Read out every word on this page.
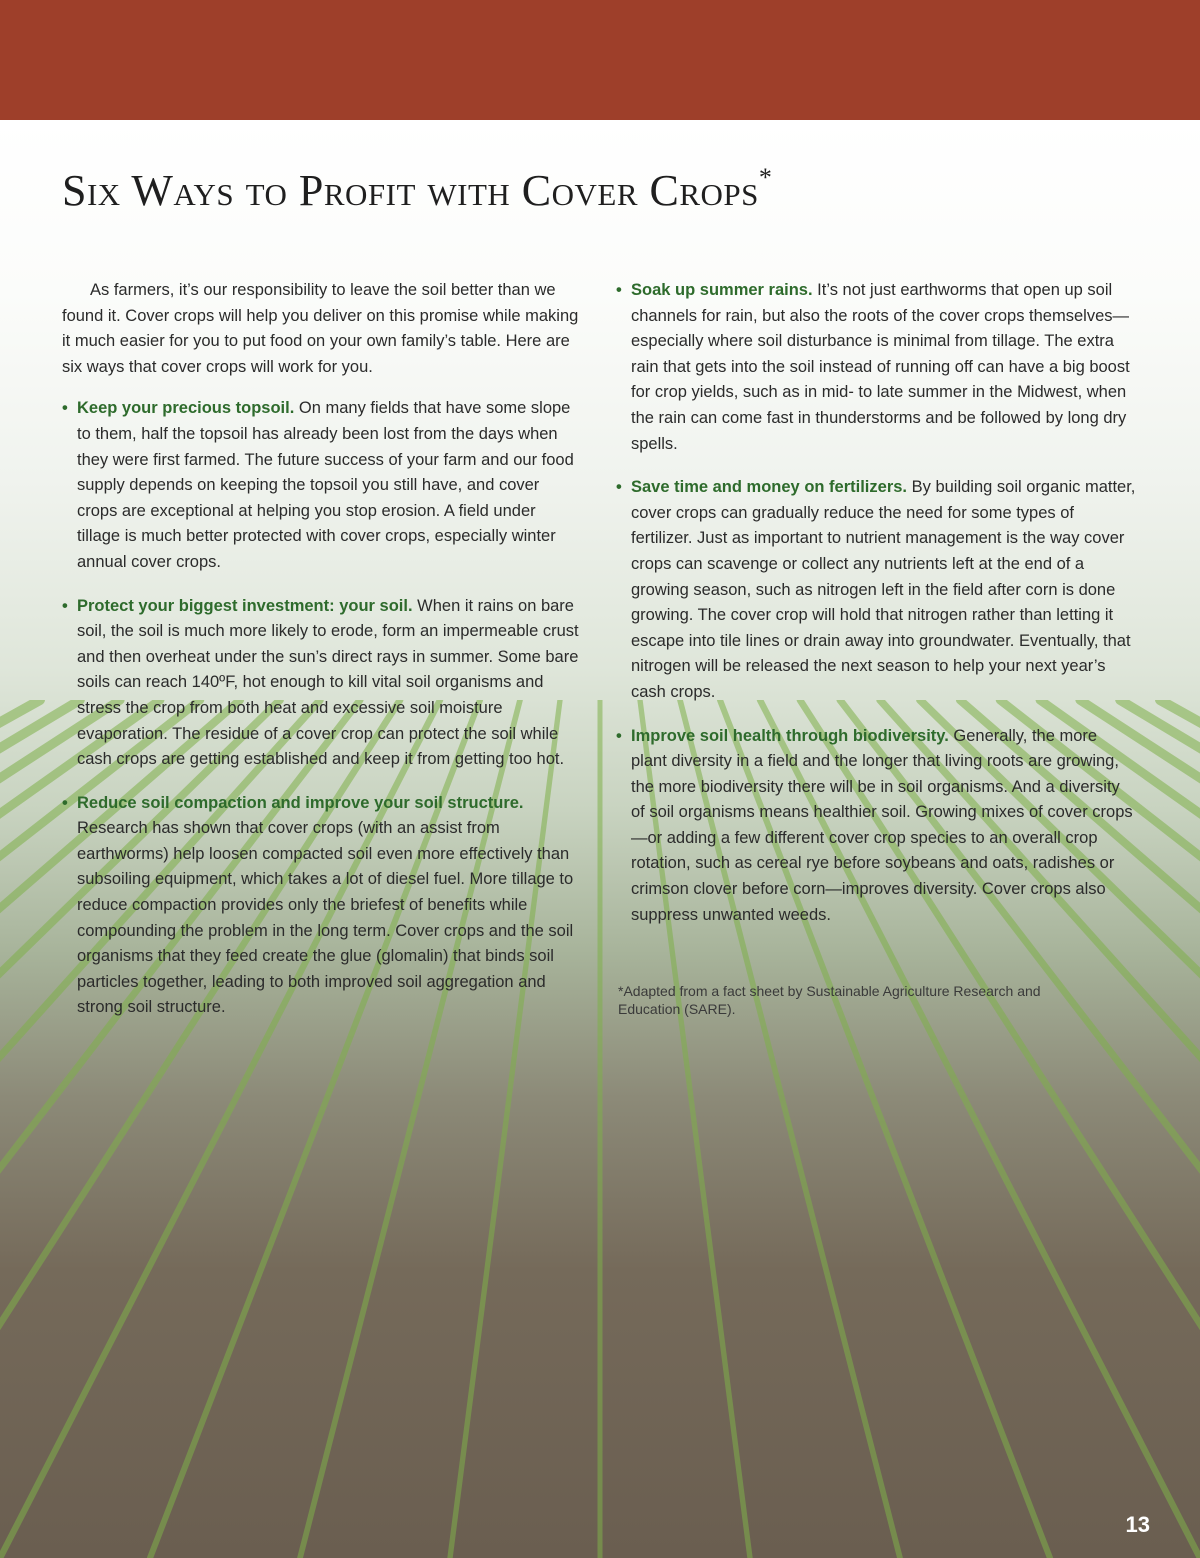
Six Ways to Profit with Cover Crops*

As farmers, it’s our responsibility to leave the soil better than we found it. Cover crops will help you deliver on this promise while making it much easier for you to put food on your own family’s table. Here are six ways that cover crops will work for you.

• Keep your precious topsoil. On many fields that have some slope to them, half the topsoil has already been lost from the days when they were first farmed. The future success of your farm and our food supply depends on keeping the topsoil you still have, and cover crops are exceptional at helping you stop erosion. A field under tillage is much better protected with cover crops, especially winter annual cover crops.

• Protect your biggest investment: your soil. When it rains on bare soil, the soil is much more likely to erode, form an impermeable crust and then overheat under the sun’s direct rays in summer. Some bare soils can reach 140ºF, hot enough to kill vital soil organisms and stress the crop from both heat and excessive soil moisture evaporation. The residue of a cover crop can protect the soil while cash crops are getting established and keep it from getting too hot.

• Reduce soil compaction and improve your soil structure. Research has shown that cover crops (with an assist from earthworms) help loosen compacted soil even more effectively than subsoiling equipment, which takes a lot of diesel fuel. More tillage to reduce compaction provides only the briefest of benefits while compounding the problem in the long term. Cover crops and the soil organisms that they feed create the glue (glomalin) that binds soil particles together, leading to both improved soil aggregation and strong soil structure.

• Soak up summer rains. It’s not just earthworms that open up soil channels for rain, but also the roots of the cover crops themselves—especially where soil disturbance is minimal from tillage. The extra rain that gets into the soil instead of running off can have a big boost for crop yields, such as in mid- to late summer in the Midwest, when the rain can come fast in thunderstorms and be followed by long dry spells.

• Save time and money on fertilizers. By building soil organic matter, cover crops can gradually reduce the need for some types of fertilizer. Just as important to nutrient management is the way cover crops can scavenge or collect any nutrients left at the end of a growing season, such as nitrogen left in the field after corn is done growing. The cover crop will hold that nitrogen rather than letting it escape into tile lines or drain away into groundwater. Eventually, that nitrogen will be released the next season to help your next year’s cash crops.

• Improve soil health through biodiversity. Generally, the more plant diversity in a field and the longer that living roots are growing, the more biodiversity there will be in soil organisms. And a diversity of soil organisms means healthier soil. Growing mixes of cover crops—or adding a few different cover crop species to an overall crop rotation, such as cereal rye before soybeans and oats, radishes or crimson clover before corn—improves diversity. Cover crops also suppress unwanted weeds.

*Adapted from a fact sheet by Sustainable Agriculture Research and Education (SARE).
13
